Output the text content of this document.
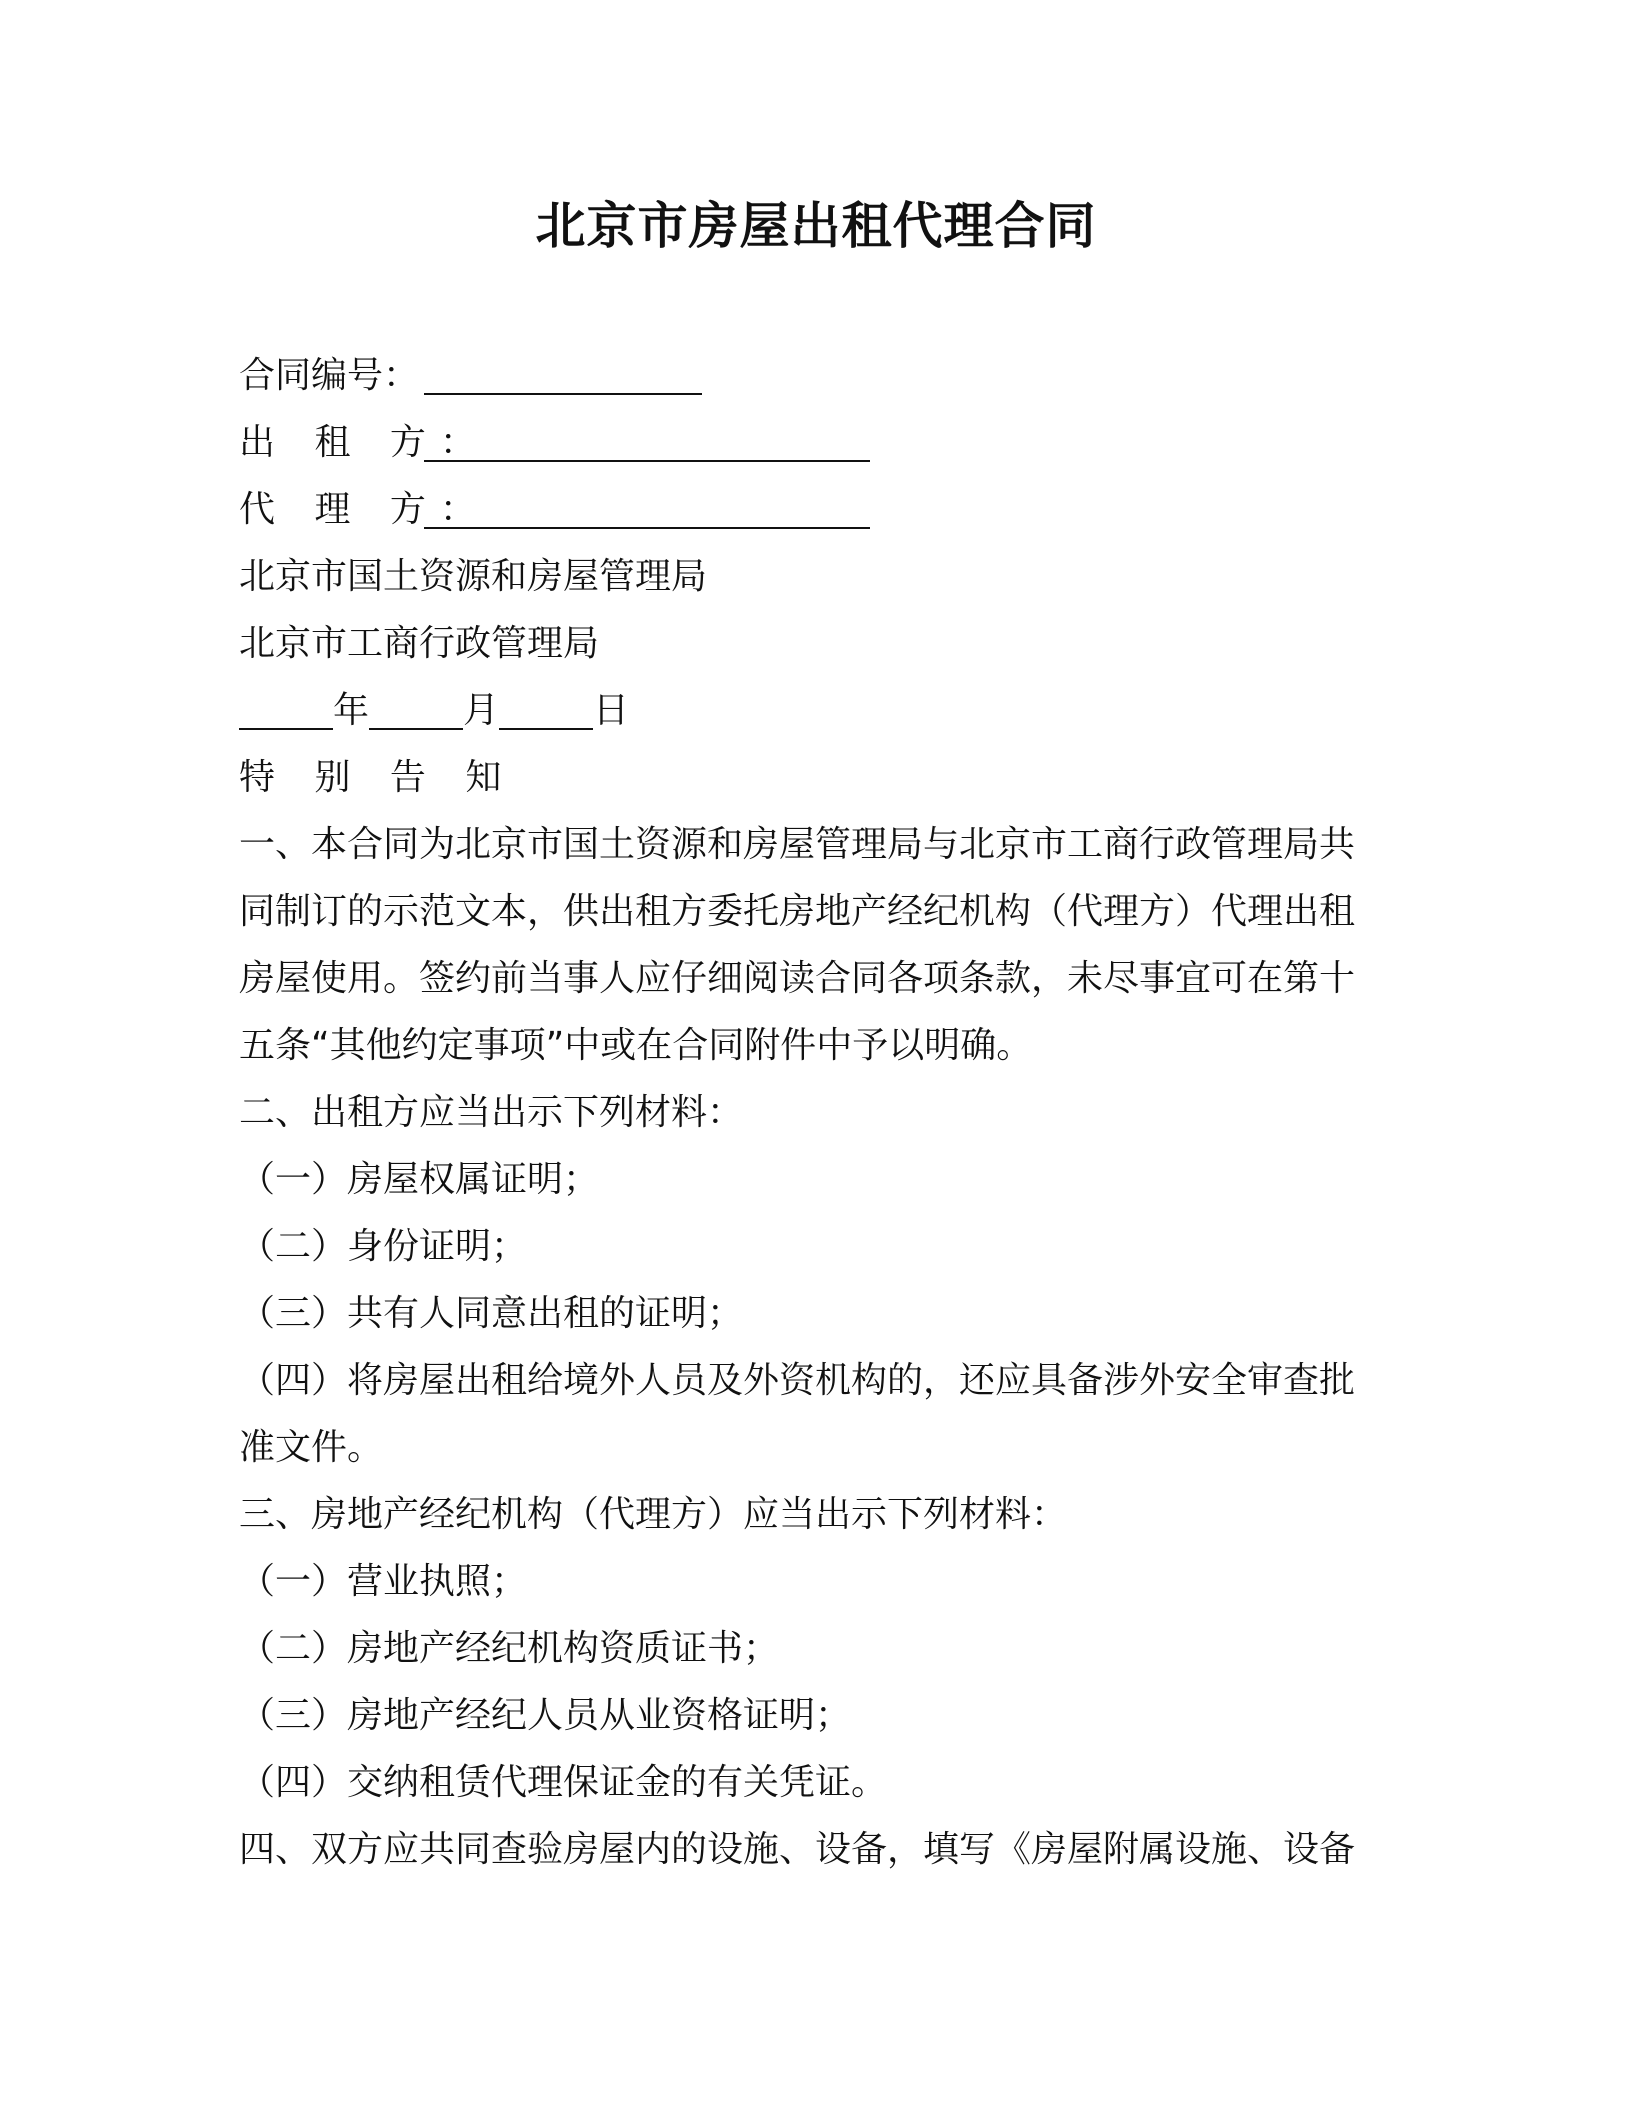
北京市房屋出租代理合同
合同编号：
出 租 方：
代 理 方：
北京市国土资源和房屋管理局
北京市工商行政管理局
年	月	日
特 别 告 知
一、本合同为北京市国土资源和房屋管理局与北京市工商行政管理局共
同制订的示范文本，供出租方委托房地产经纪机构（代理方）代理出租
房屋使用。签约前当事人应仔细阅读合同各项条款，未尽事宜可在第十
五条“其他约定事项”中或在合同附件中予以明确。
二、出租方应当出示下列材料：
（一）房屋权属证明；
（二）身份证明；
（三）共有人同意出租的证明；
（四）将房屋出租给境外人员及外资机构的，还应具备涉外安全审查批
准文件。
三、房地产经纪机构（代理方）应当出示下列材料：
（一）营业执照；
（二）房地产经纪机构资质证书；
（三）房地产经纪人员从业资格证明；
（四）交纳租赁代理保证金的有关凭证。
四、双方应共同查验房屋内的设施、设备，填写《房屋附属设施、设备
